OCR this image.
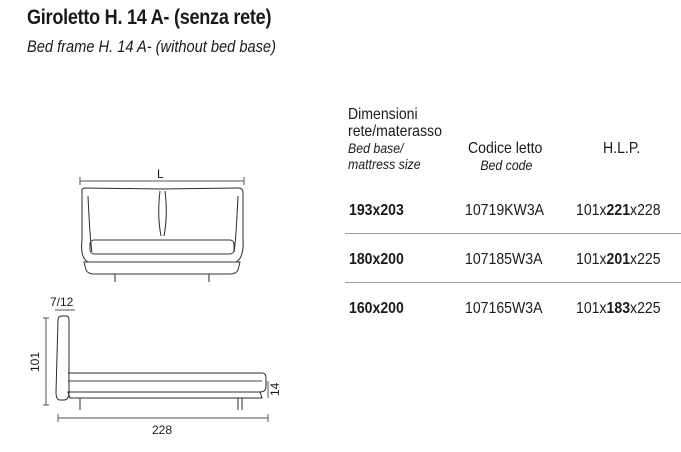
Giroletto H. 14 A- (senza rete)
Bed frame H. 14 A- (without bed base)
L
7/12
101
14
228
Dimensioni
rete/materasso
Bed base/
mattress size
Codice letto
Bed code
H.L.P.
193x203	10719KW3A 101x221x228
180x200	107185W3A 101x201x225
160x200	107165W3A 101x183x225
